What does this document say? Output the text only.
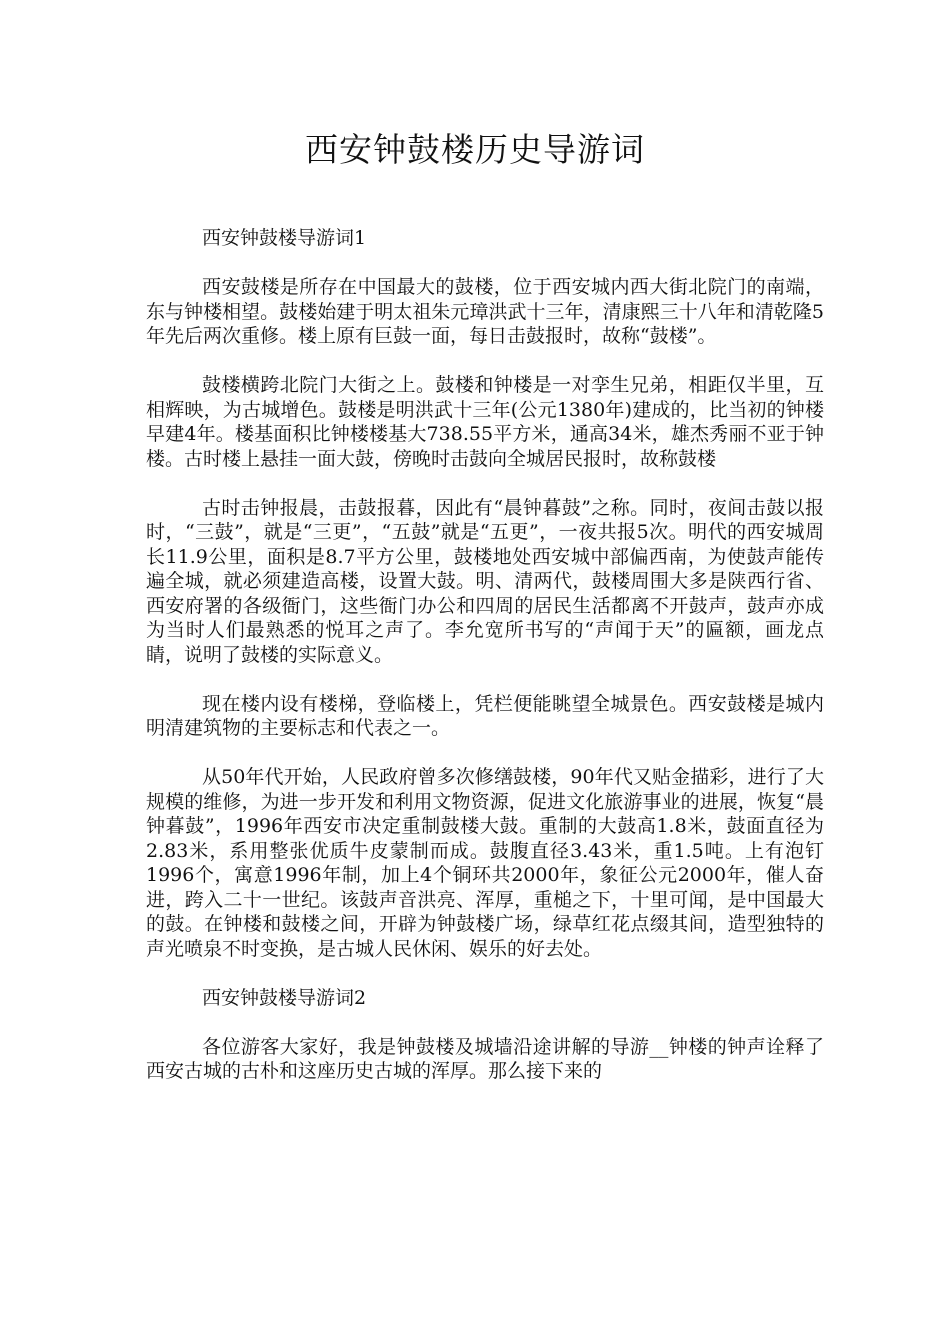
西安钟鼓楼历史导游词

西安钟鼓楼导游词1

西安鼓楼是所存在中国最大的鼓楼，位于西安城内西大街北院门的南端，东与钟楼相望。鼓楼始建于明太祖朱元璋洪武十三年，清康熙三十八年和清乾隆5年先后两次重修。楼上原有巨鼓一面，每日击鼓报时，故称“鼓楼”。

鼓楼横跨北院门大街之上。鼓楼和钟楼是一对孪生兄弟，相距仅半里，互相辉映，为古城增色。鼓楼是明洪武十三年(公元1380年)建成的，比当初的钟楼早建4年。楼基面积比钟楼楼基大738.55平方米，通高34米，雄杰秀丽不亚于钟楼。古时楼上悬挂一面大鼓，傍晚时击鼓向全城居民报时，故称鼓楼

古时击钟报晨，击鼓报暮，因此有“晨钟暮鼓”之称。同时，夜间击鼓以报时，“三鼓”，就是“三更”，“五鼓”就是“五更”，一夜共报5次。明代的西安城周长11.9公里，面积是8.7平方公里，鼓楼地处西安城中部偏西南，为使鼓声能传遍全城，就必须建造高楼，设置大鼓。明、清两代，鼓楼周围大多是陕西行省、西安府署的各级衙门，这些衙门办公和四周的居民生活都离不开鼓声，鼓声亦成为当时人们最熟悉的悦耳之声了。李允宽所书写的“声闻于天”的匾额，画龙点睛，说明了鼓楼的实际意义。

现在楼内设有楼梯，登临楼上，凭栏便能眺望全城景色。西安鼓楼是城内明清建筑物的主要标志和代表之一。

从50年代开始，人民政府曾多次修缮鼓楼，90年代又贴金描彩，进行了大规模的维修，为进一步开发和利用文物资源，促进文化旅游事业的进展，恢复“晨钟暮鼓”，1996年西安市决定重制鼓楼大鼓。重制的大鼓高1.8米，鼓面直径为2.83米，系用整张优质牛皮蒙制而成。鼓腹直径3.43米，重1.5吨。上有泡钉1996个，寓意1996年制，加上4个铜环共2000年，象征公元2000年，催人奋进，跨入二十一世纪。该鼓声音洪亮、浑厚，重槌之下，十里可闻，是中国最大的鼓。在钟楼和鼓楼之间，开辟为钟鼓楼广场，绿草红花点缀其间，造型独特的声光喷泉不时变换，是古城人民休闲、娱乐的好去处。

西安钟鼓楼导游词2

各位游客大家好，我是钟鼓楼及城墙沿途讲解的导游__钟楼的钟声诠释了西安古城的古朴和这座历史古城的浑厚。那么接下来的
